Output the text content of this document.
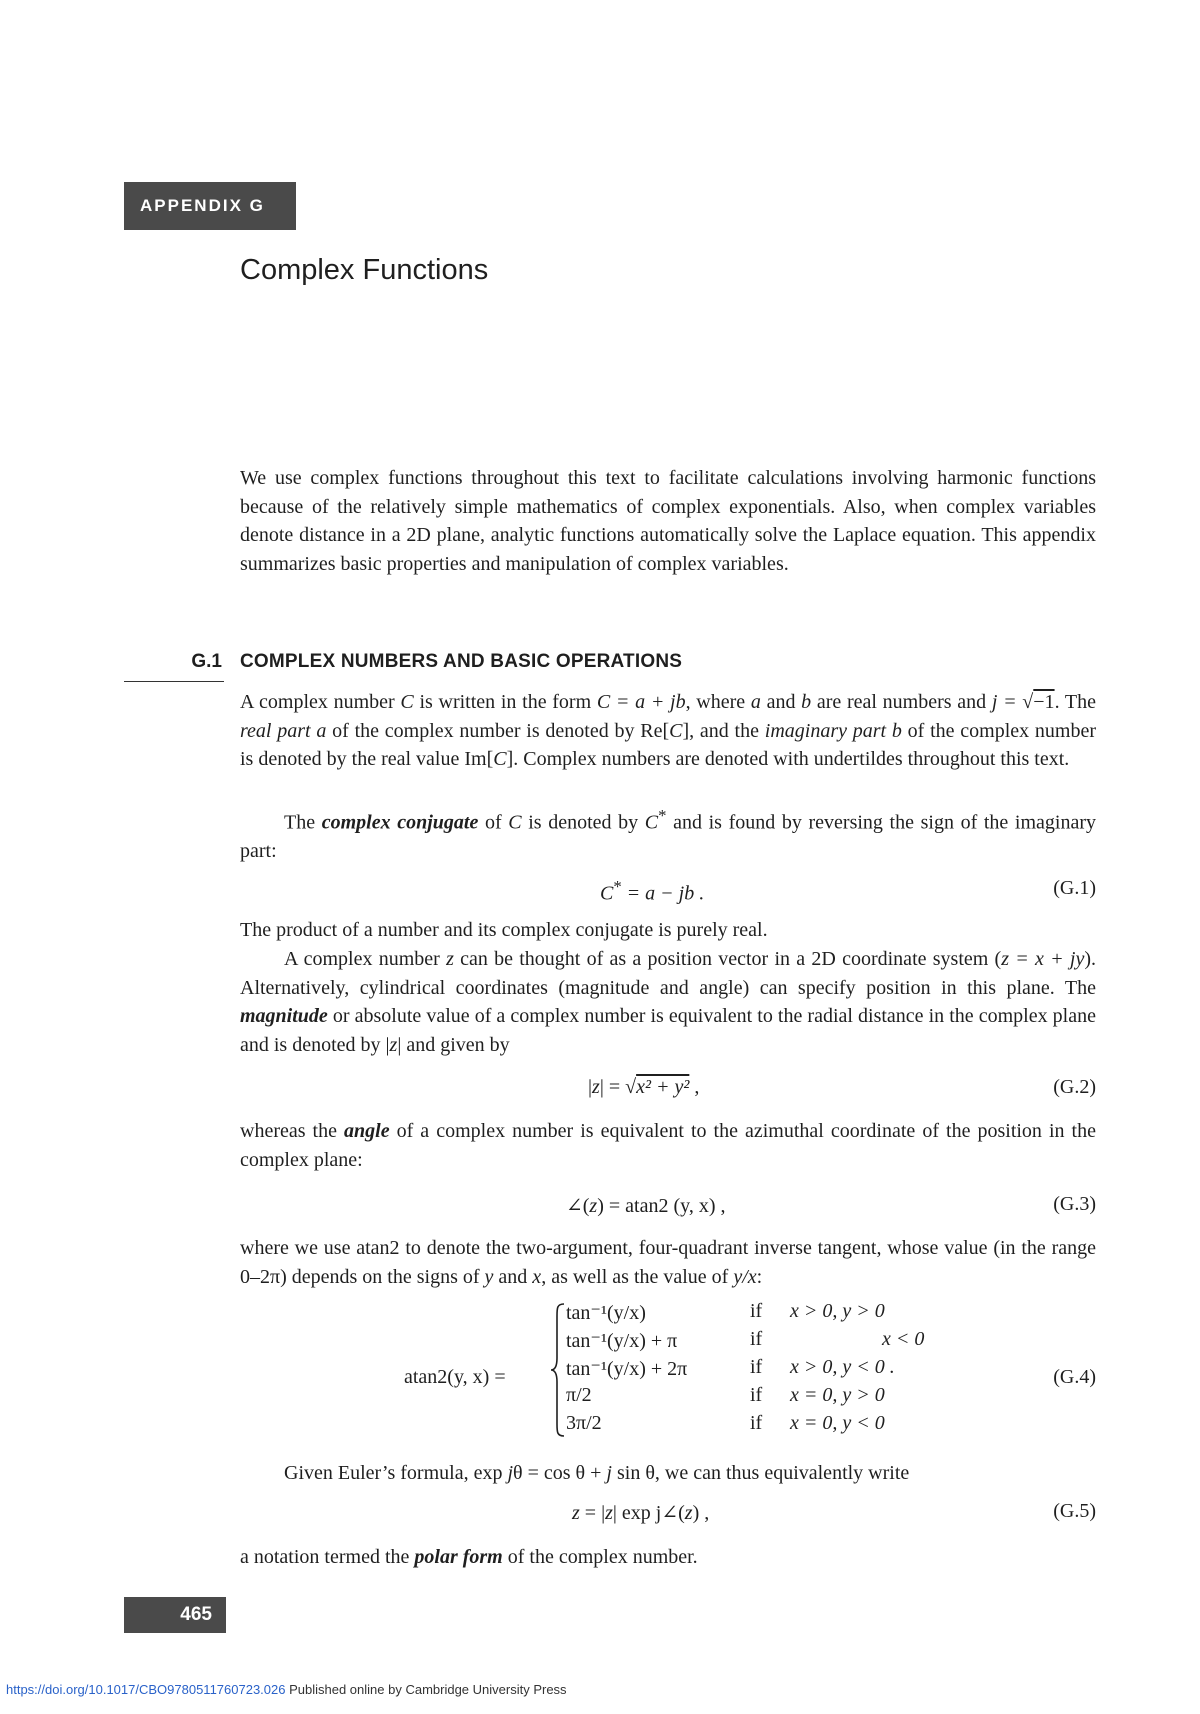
APPENDIX G
Complex Functions

We use complex functions throughout this text to facilitate calculations involving harmonic functions because of the relatively simple mathematics of complex exponentials. Also, when complex variables denote distance in a 2D plane, analytic functions automatically solve the Laplace equation. This appendix summarizes basic properties and manipulation of complex variables.

G.1 COMPLEX NUMBERS AND BASIC OPERATIONS

A complex number C is written in the form C = a + jb, where a and b are real numbers and j = √−1. The real part a of the complex number is denoted by Re[C], and the imaginary part b of the complex number is denoted by the real value Im[C]. Complex numbers are denoted with undertildes throughout this text.

The complex conjugate of C is denoted by C* and is found by reversing the sign of the imaginary part:

C* = a − jb .	(G.1)

The product of a number and its complex conjugate is purely real.

A complex number z can be thought of as a position vector in a 2D coordinate system (z = x + jy). Alternatively, cylindrical coordinates (magnitude and angle) can specify position in this plane. The magnitude or absolute value of a complex number is equivalent to the radial distance in the complex plane and is denoted by |z| and given by

|z| = √x² + y² ,	(G.2)

whereas the angle of a complex number is equivalent to the azimuthal coordinate of the position in the complex plane:

∠(z) = atan2 (y, x) ,	(G.3)

where we use atan2 to denote the two-argument, four-quadrant inverse tangent, whose value (in the range 0–2π) depends on the signs of y and x, as well as the value of y/x:

atan2(y, x) =
tan⁻¹(y/x)	if x > 0, y > 0
tan⁻¹(y/x) + π	if	x < 0
tan⁻¹(y/x) + 2π	if x > 0, y < 0 .
π/2	if x = 0, y > 0
3π/2	if x = 0, y < 0
(G.4)

Given Euler’s formula, exp jθ = cos θ + j sin θ, we can thus equivalently write

z = |z| exp j∠(z) ,	(G.5)

a notation termed the polar form of the complex number.

465
https://doi.org/10.1017/CBO9780511760723.026 Published online by Cambridge University Press
